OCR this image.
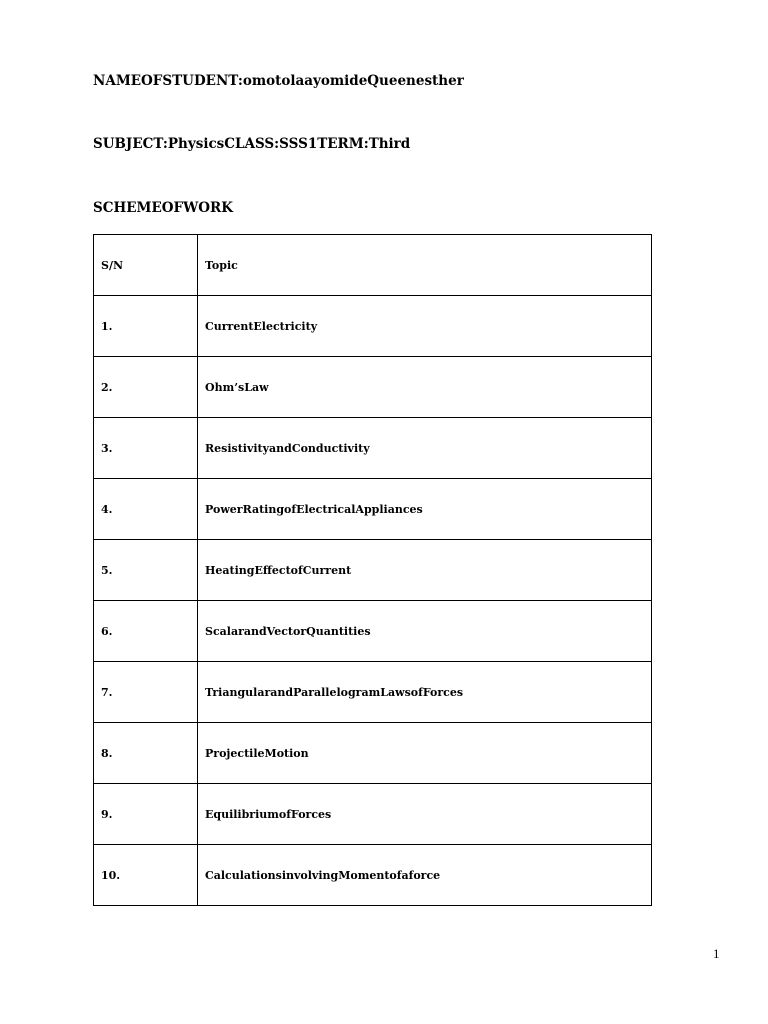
NAMEOFSTUDENT:omotolaayomideQueenesther
SUBJECT:PhysicsCLASS:SSS1TERM:Third
SCHEMEOFWORK
S/N	Topic
1.	CurrentElectricity
2.	Ohm’sLaw
3.	ResistivityandConductivity
4.	PowerRatingofElectricalAppliances
5.	HeatingEffectofCurrent
6.	ScalarandVectorQuantities
7.	TriangularandParallelogramLawsofForces
8.	ProjectileMotion
9.	EquilibriumofForces
10.	CalculationsinvolvingMomentofaforce
1
